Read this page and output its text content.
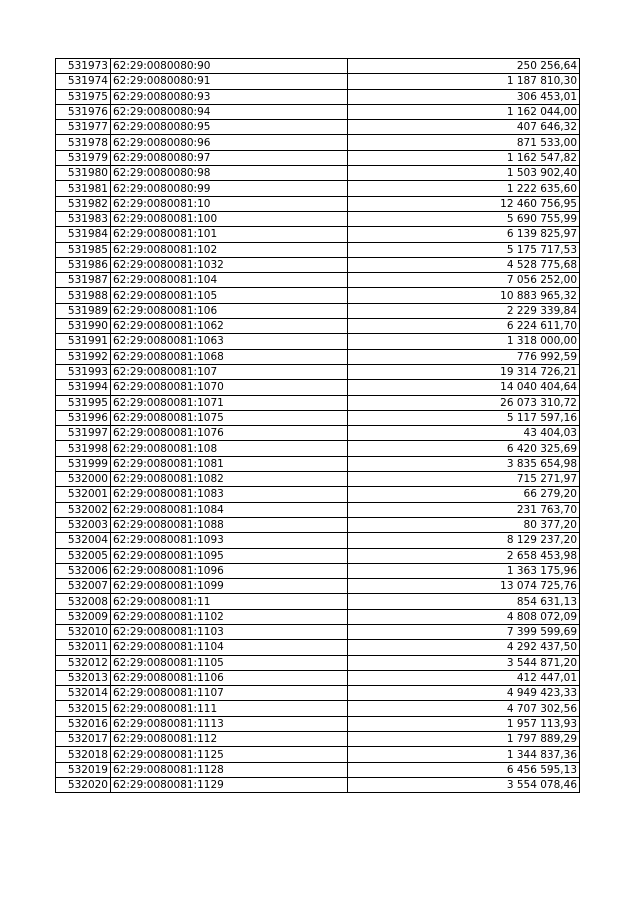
531973	62:29:0080080:90	250 256,64
531974	62:29:0080080:91	1 187 810,30
531975	62:29:0080080:93	306 453,01
531976	62:29:0080080:94	1 162 044,00
531977	62:29:0080080:95	407 646,32
531978	62:29:0080080:96	871 533,00
531979	62:29:0080080:97	1 162 547,82
531980	62:29:0080080:98	1 503 902,40
531981	62:29:0080080:99	1 222 635,60
531982	62:29:0080081:10	12 460 756,95
531983	62:29:0080081:100	5 690 755,99
531984	62:29:0080081:101	6 139 825,97
531985	62:29:0080081:102	5 175 717,53
531986	62:29:0080081:1032	4 528 775,68
531987	62:29:0080081:104	7 056 252,00
531988	62:29:0080081:105	10 883 965,32
531989	62:29:0080081:106	2 229 339,84
531990	62:29:0080081:1062	6 224 611,70
531991	62:29:0080081:1063	1 318 000,00
531992	62:29:0080081:1068	776 992,59
531993	62:29:0080081:107	19 314 726,21
531994	62:29:0080081:1070	14 040 404,64
531995	62:29:0080081:1071	26 073 310,72
531996	62:29:0080081:1075	5 117 597,16
531997	62:29:0080081:1076	43 404,03
531998	62:29:0080081:108	6 420 325,69
531999	62:29:0080081:1081	3 835 654,98
532000	62:29:0080081:1082	715 271,97
532001	62:29:0080081:1083	66 279,20
532002	62:29:0080081:1084	231 763,70
532003	62:29:0080081:1088	80 377,20
532004	62:29:0080081:1093	8 129 237,20
532005	62:29:0080081:1095	2 658 453,98
532006	62:29:0080081:1096	1 363 175,96
532007	62:29:0080081:1099	13 074 725,76
532008	62:29:0080081:11	854 631,13
532009	62:29:0080081:1102	4 808 072,09
532010	62:29:0080081:1103	7 399 599,69
532011	62:29:0080081:1104	4 292 437,50
532012	62:29:0080081:1105	3 544 871,20
532013	62:29:0080081:1106	412 447,01
532014	62:29:0080081:1107	4 949 423,33
532015	62:29:0080081:111	4 707 302,56
532016	62:29:0080081:1113	1 957 113,93
532017	62:29:0080081:112	1 797 889,29
532018	62:29:0080081:1125	1 344 837,36
532019	62:29:0080081:1128	6 456 595,13
532020	62:29:0080081:1129	3 554 078,46
